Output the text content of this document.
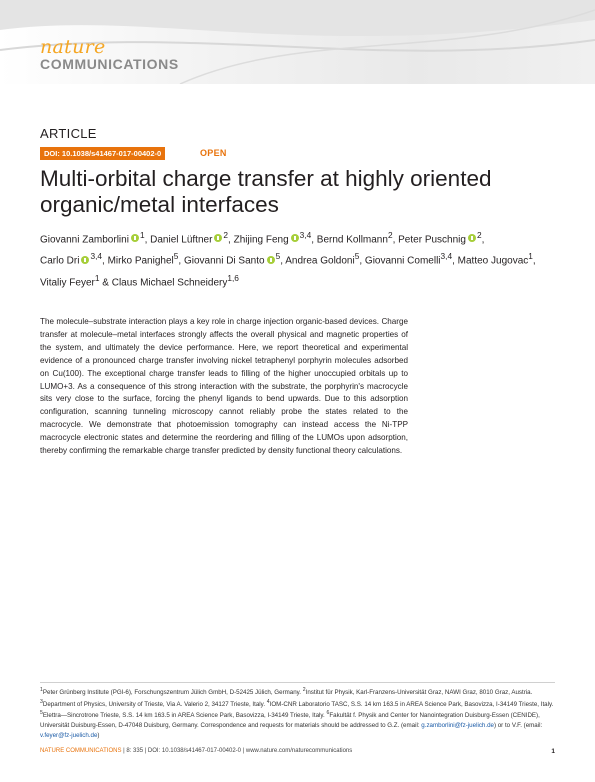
nature
COMMUNICATIONS
ARTICLE
DOI: 10.1038/s41467-017-00402-0	OPEN
Multi-orbital charge transfer at highly oriented organic/metal interfaces
Giovanni Zamborlini $^1$, Daniel Lüftner $^2$, Zhijing Feng $^{3,4}$, Bernd Kollmann$^2$, Peter Puschnig $^2$,
Carlo Dri $^{3,4}$, Mirko Panighel$^5$, Giovanni Di Santo $^5$, Andrea Goldoni$^5$, Giovanni Comelli$^{3,4}$, Matteo Jugovac$^1$,
Vitaliy Feyer$^1$ & Claus Michael Schneidery$^{1,6}$

The molecule–substrate interaction plays a key role in charge injection organic-based devices. Charge transfer at molecule–metal interfaces strongly affects the overall physical and magnetic properties of the system, and ultimately the device performance. Here, we report theoretical and experimental evidence of a pronounced charge transfer involving nickel tetraphenyl porphyrin molecules adsorbed on Cu(100). The exceptional charge transfer leads to filling of the higher unoccupied orbitals up to LUMO+3. As a consequence of this strong interaction with the substrate, the porphyrin's macrocycle sits very close to the surface, forcing the phenyl ligands to bend upwards. Due to this adsorption configuration, scanning tunneling microscopy cannot reliably probe the states related to the macrocycle. We demonstrate that photoemission tomography can instead access the Ni-TPP macrocycle electronic states and determine the reordering and filling of the LUMOs upon adsorption, thereby confirming the remarkable charge transfer predicted by density functional theory calculations.

$^1$Peter Grünberg Institute (PGI-6), Forschungszentrum Jülich GmbH, D-52425 Jülich, Germany. $^2$Institut für Physik, Karl-Franzens-Universität Graz, NAWI Graz, 8010 Graz, Austria. $^3$Department of Physics, University of Trieste, Via A. Valerio 2, 34127 Trieste, Italy. $^4$IOM-CNR Laboratorio TASC, S.S. 14 km 163.5 in AREA Science Park, Basovizza, I-34149 Trieste, Italy. $^5$Elettra—Sincrotrone Trieste, S.S. 14 km 163.5 in AREA Science Park, Basovizza, I-34149 Trieste, Italy. $^6$Fakultät f. Physik and Center for Nanointegration Duisburg-Essen (CENIDE), Universität Duisburg-Essen, D-47048 Duisburg, Germany. Correspondence and requests for materials should be addressed to G.Z. (email: g.zamborlini@fz-juelich.de) or to V.F. (email: v.feyer@fz-juelich.de)

NATURE COMMUNICATIONS | 8: 335 | DOI: 10.1038/s41467-017-00402-0 | www.nature.com/naturecommunications	1
